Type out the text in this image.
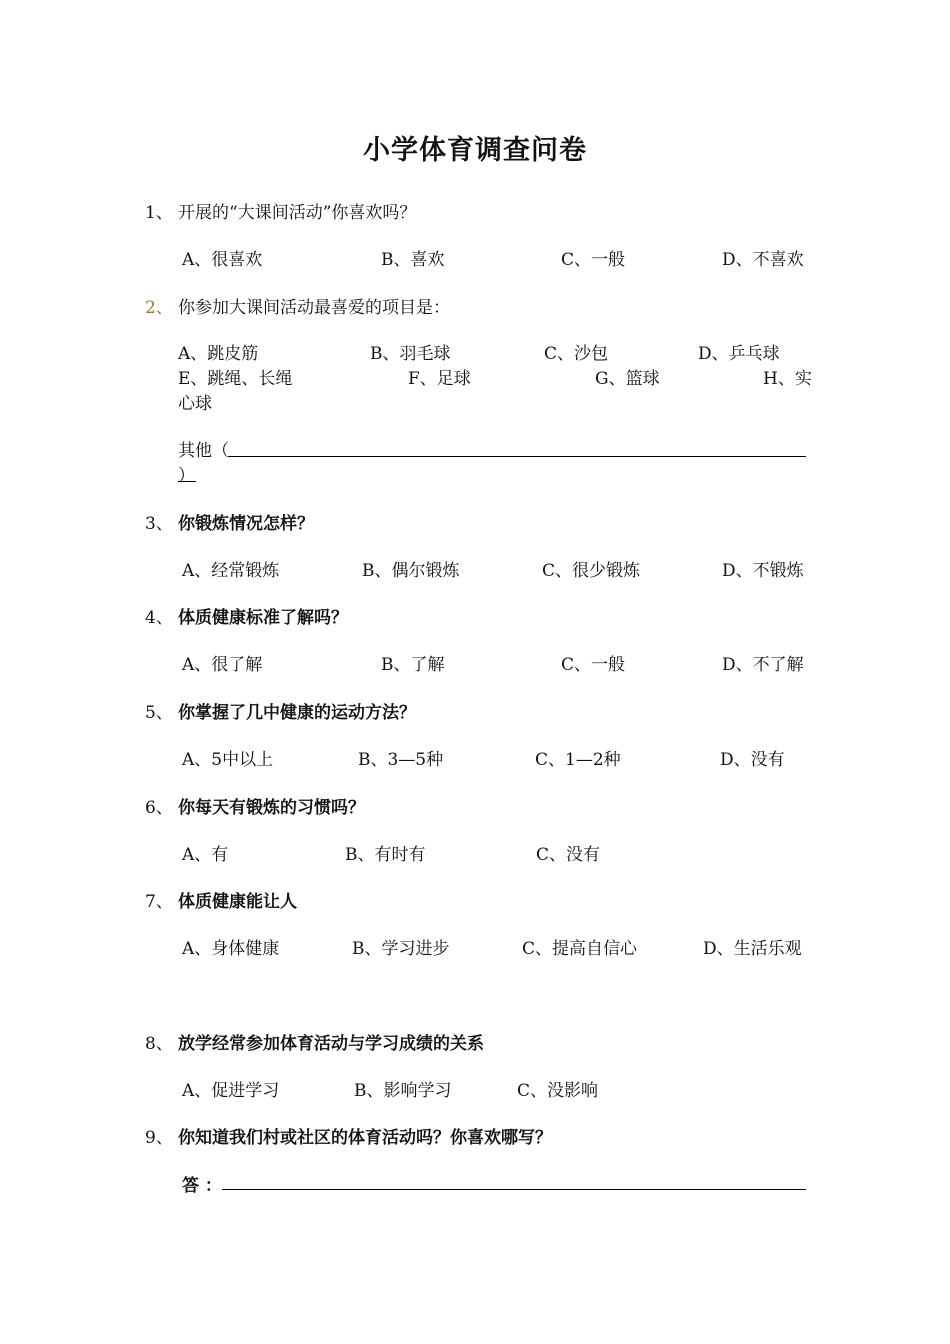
小学体育调查问卷
1、 开展的“大课间活动”你喜欢吗？
A、很喜欢	B、喜欢	C、一般	D、不喜欢
2、 你参加大课间活动最喜爱的项目是：
A、跳皮筋	B、羽毛球	C、沙包	D、乒乓球
E、跳绳、长绳	F、足球	G、篮球	H、实
心球
其他（
）
3、 你锻炼情况怎样？
A、经常锻炼	B、偶尔锻炼	C、很少锻炼	D、不锻炼
4、 体质健康标准了解吗？
A、很了解	B、了解	C、一般	D、不了解
5、 你掌握了几中健康的运动方法？
A、5中以上	B、3—5种	C、1—2种	D、没有
6、 你每天有锻炼的习惯吗？
A、有	B、有时有	C、没有
7、 体质健康能让人
A、身体健康	B、学习进步	C、提高自信心	D、生活乐观
8、 放学经常参加体育活动与学习成绩的关系
A、促进学习	B、影响学习	C、没影响
9、 你知道我们村或社区的体育活动吗？你喜欢哪写？
答 ：
